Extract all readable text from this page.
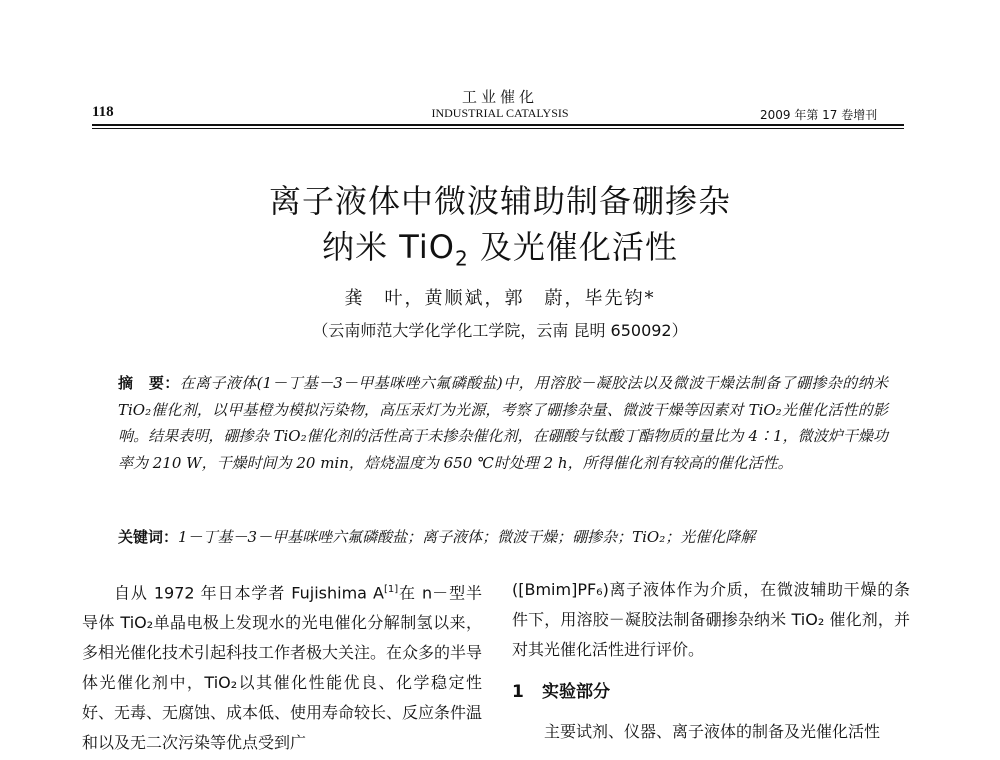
工业催化
INDUSTRIAL CATALYSIS
118	2009 年第 17 卷增刊
离子液体中微波辅助制备硼掺杂
纳米 TiO$_2$ 及光催化活性
龚　叶，黄顺斌，郭　蔚，毕先钧*
（云南师范大学化学化工学院，云南 昆明 650092）
摘　要：在离子液体(1－丁基－3－甲基咪唑六氟磷酸盐)中，用溶胶－凝胶法以及微波干燥法制备了硼掺杂的纳米 TiO₂催化剂，以甲基橙为模拟污染物，高压汞灯为光源，考察了硼掺杂量、微波干燥等因素对 TiO₂光催化活性的影响。结果表明，硼掺杂 TiO₂催化剂的活性高于未掺杂催化剂，在硼酸与钛酸丁酯物质的量比为 4∶1，微波炉干燥功率为 210 W，干燥时间为 20 min，焙烧温度为 650 ℃时处理 2 h，所得催化剂有较高的催化活性。
关键词：1－丁基－3－甲基咪唑六氟磷酸盐；离子液体；微波干燥；硼掺杂；TiO₂；光催化降解
自从 1972 年日本学者 Fujishima A[1]在 n－型半导体 TiO₂单晶电极上发现水的光电催化分解制氢以来，多相光催化技术引起科技工作者极大关注。在众多的半导体光催化剂中，TiO₂以其催化性能优良、化学稳定性好、无毒、无腐蚀、成本低、使用寿命较长、反应条件温和以及无二次污染等优点受到广
([Bmim]PF₆)离子液体作为介质，在微波辅助干燥的条件下，用溶胶－凝胶法制备硼掺杂纳米 TiO₂ 催化剂，并对其光催化活性进行评价。
1 实验部分
主要试剂、仪器、离子液体的制备及光催化活性
